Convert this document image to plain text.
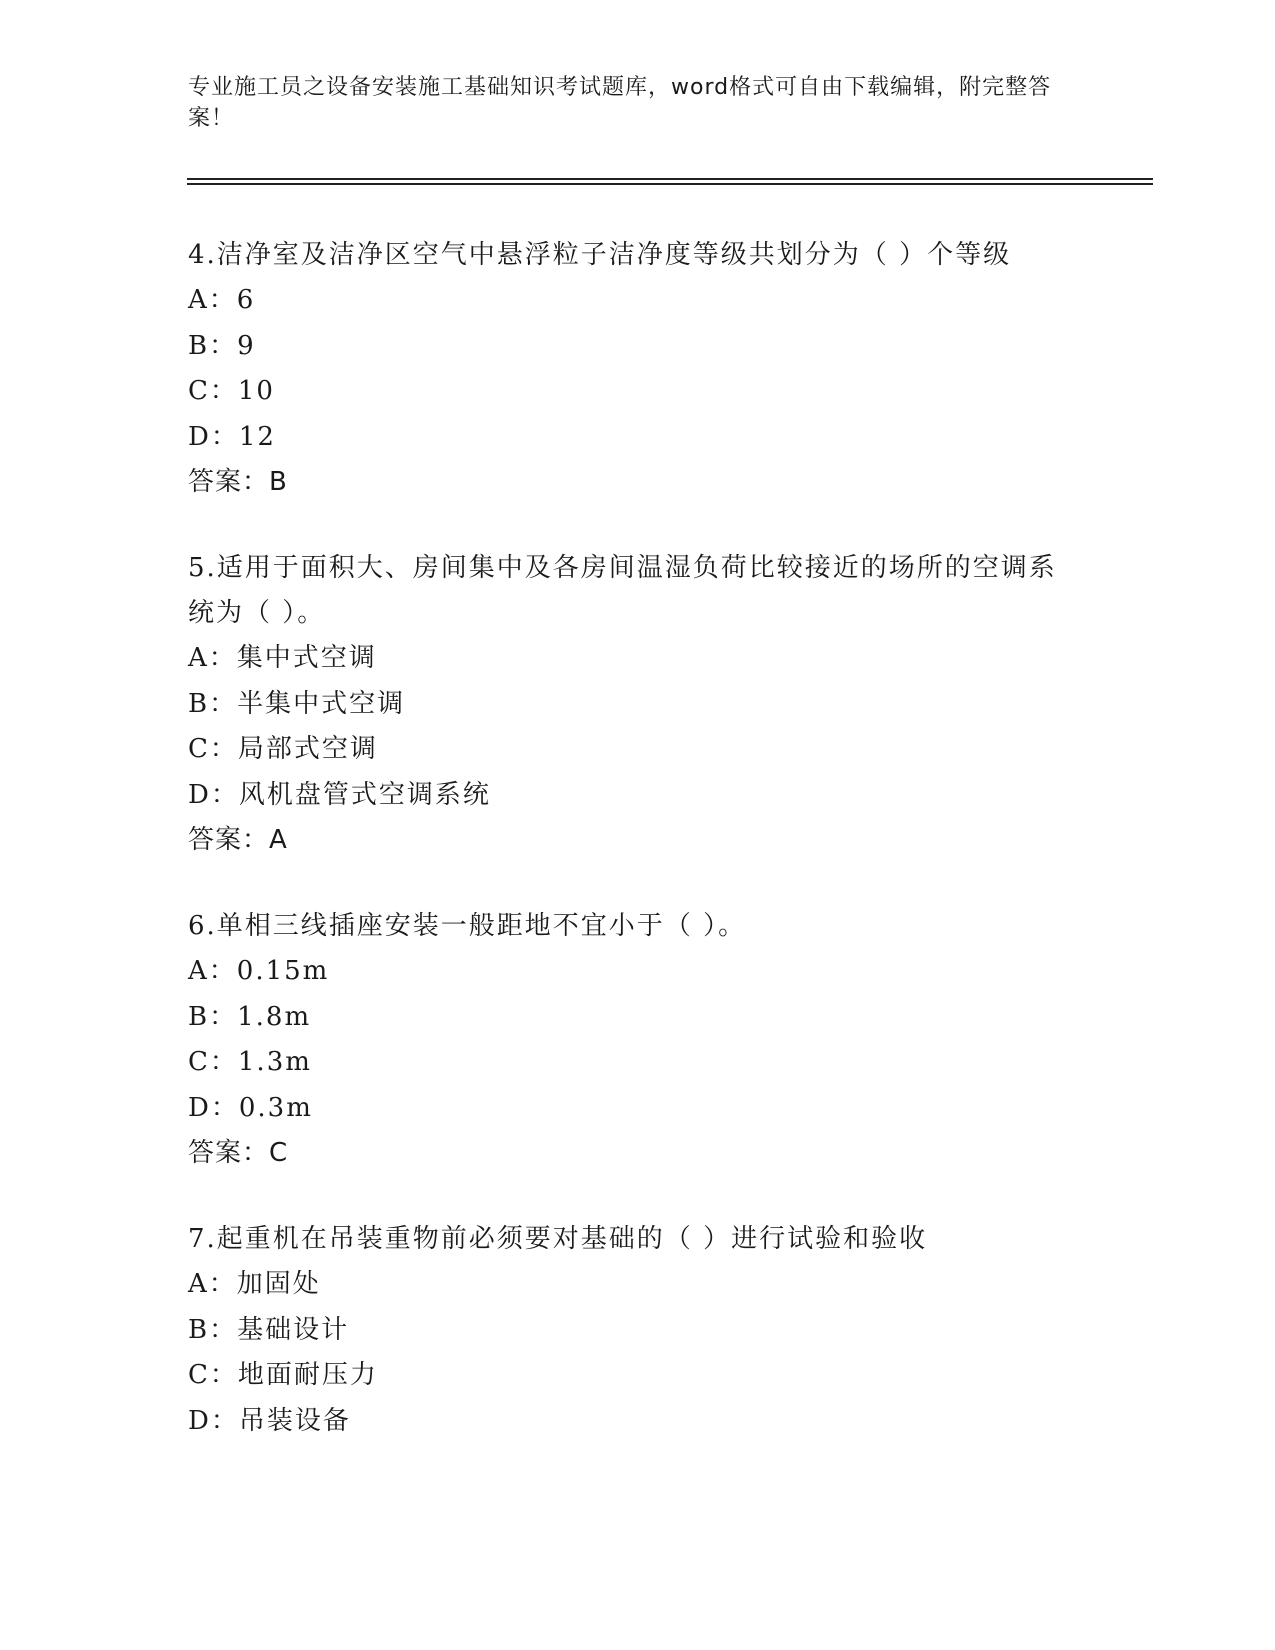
专业施工员之设备安装施工基础知识考试题库，word格式可自由下载编辑，附完整答案！
4.洁净室及洁净区空气中悬浮粒子洁净度等级共划分为（ ）个等级
A：6
B：9
C：10
D：12
答案：B
5.适用于面积大、房间集中及各房间温湿负荷比较接近的场所的空调系统为（ ）。
A：集中式空调
B：半集中式空调
C：局部式空调
D：风机盘管式空调系统
答案：A
6.单相三线插座安装一般距地不宜小于（ ）。
A：0.15m
B：1.8m
C：1.3m
D：0.3m
答案：C
7.起重机在吊装重物前必须要对基础的（ ）进行试验和验收
A：加固处
B：基础设计
C：地面耐压力
D：吊装设备
